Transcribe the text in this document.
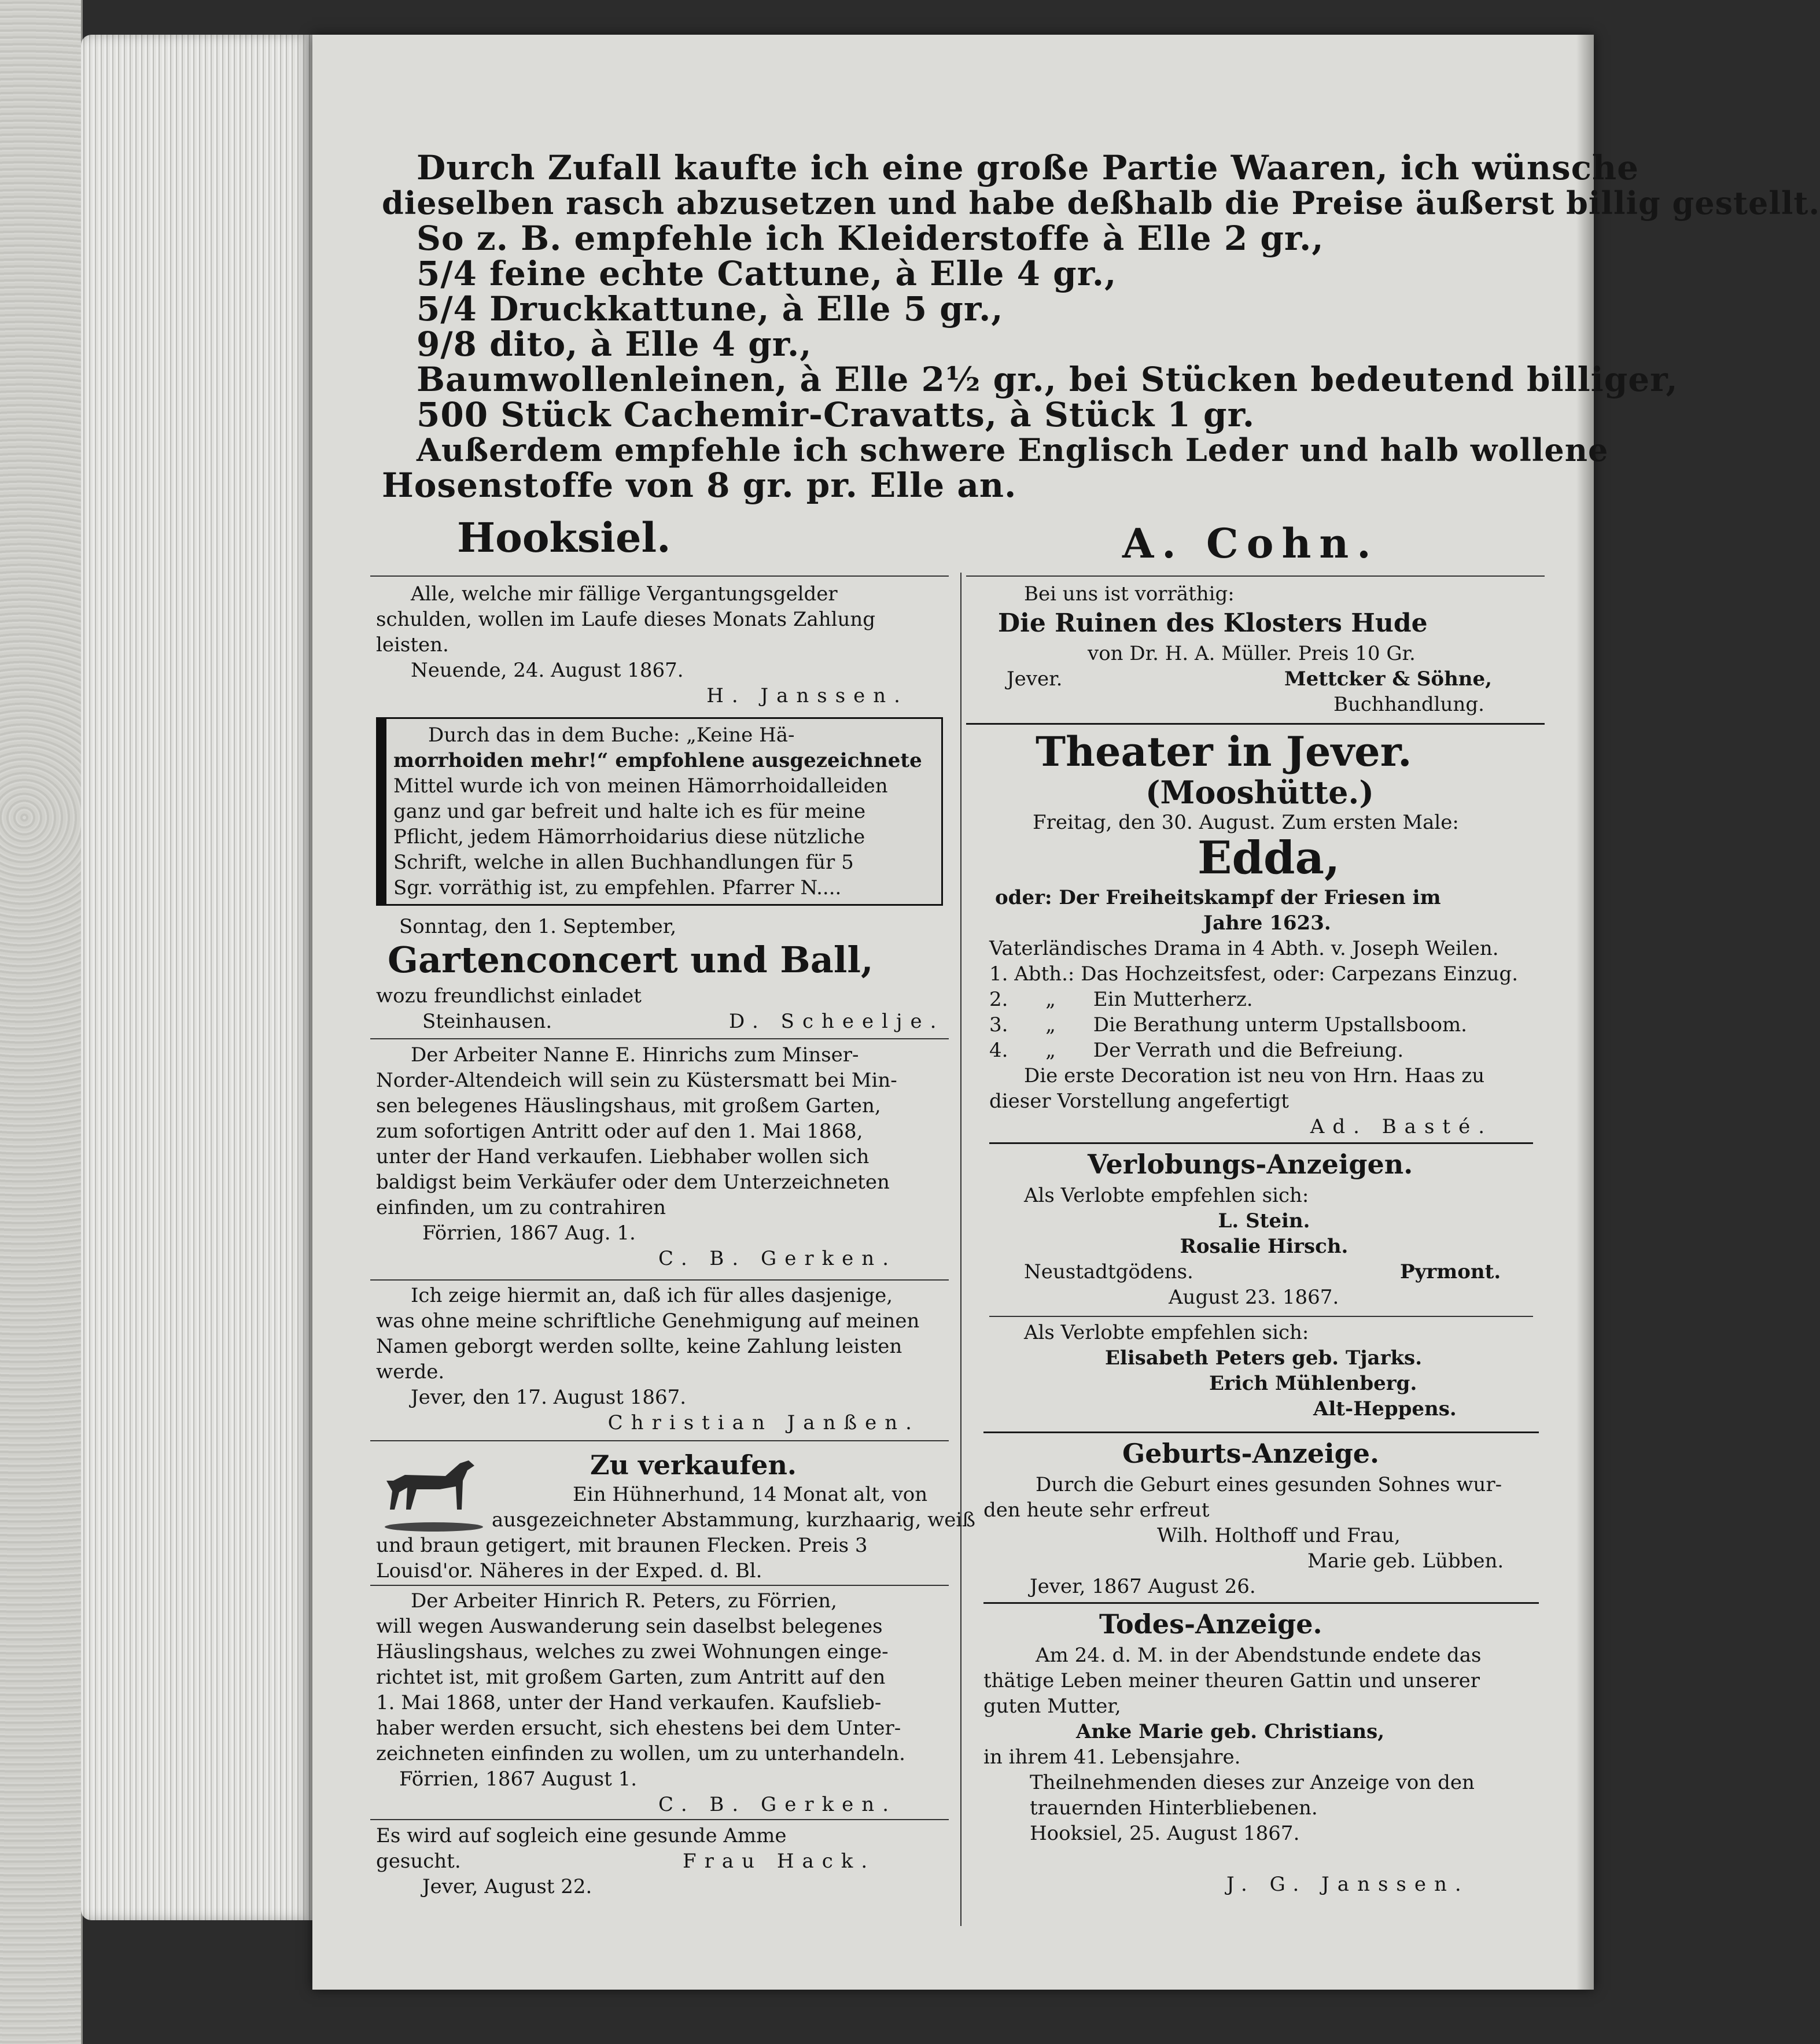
Durch Zufall kaufte ich eine große Partie Waaren, ich wünsche
dieselben rasch abzusetzen und habe deßhalb die Preise äußerst billig gestellt.
So z. B. empfehle ich Kleiderstoffe à Elle 2 gr.,
5/4 feine echte Cattune, à Elle 4 gr.,
5/4 Druckkattune, à Elle 5 gr.,
9/8 dito, à Elle 4 gr.,
Baumwollenleinen, à Elle 2½ gr., bei Stücken bedeutend billiger,
500 Stück Cachemir-Cravatts, à Stück 1 gr.
Außerdem empfehle ich schwere Englisch Leder und halb wollene
Hosenstoffe von 8 gr. pr. Elle an.
Hooksiel.	A. Cohn.
Alle, welche mir fällige Vergantungsgelder
schulden, wollen im Laufe dieses Monats Zahlung
leisten.
Neuende, 24. August 1867.
H. Janssen.
Durch das in dem Buche: „Keine Hä-
morrhoiden mehr!“ empfohlene ausgezeichnete
Mittel wurde ich von meinen Hämorrhoidalleiden
ganz und gar befreit und halte ich es für meine
Pflicht, jedem Hämorrhoidarius diese nützliche
Schrift, welche in allen Buchhandlungen für 5
Sgr. vorräthig ist, zu empfehlen. Pfarrer N....
Sonntag, den 1. September,
Gartenconcert und Ball,
wozu freundlichst einladet
Steinhausen.	D. Scheelje.
Der Arbeiter Nanne E. Hinrichs zum Minser-
Norder-Altendeich will sein zu Küstersmatt bei Min-
sen belegenes Häuslingshaus, mit großem Garten,
zum sofortigen Antritt oder auf den 1. Mai 1868,
unter der Hand verkaufen. Liebhaber wollen sich
baldigst beim Verkäufer oder dem Unterzeichneten
einfinden, um zu contrahiren
Förrien, 1867 Aug. 1.
C. B. Gerken.
Ich zeige hiermit an, daß ich für alles dasjenige,
was ohne meine schriftliche Genehmigung auf meinen
Namen geborgt werden sollte, keine Zahlung leisten
werde.
Jever, den 17. August 1867.
Christian Janßen.
Zu verkaufen.
Ein Hühnerhund, 14 Monat alt, von
ausgezeichneter Abstammung, kurzhaarig, weiß
und braun getigert, mit braunen Flecken. Preis 3
Louisd'or. Näheres in der Exped. d. Bl.
Der Arbeiter Hinrich R. Peters, zu Förrien,
will wegen Auswanderung sein daselbst belegenes
Häuslingshaus, welches zu zwei Wohnungen einge-
richtet ist, mit großem Garten, zum Antritt auf den
1. Mai 1868, unter der Hand verkaufen. Kaufslieb-
haber werden ersucht, sich ehestens bei dem Unter-
zeichneten einfinden zu wollen, um zu unterhandeln.
Förrien, 1867 August 1.
C. B. Gerken.
Es wird auf sogleich eine gesunde Amme
gesucht.
Jever, August 22.
Frau Hack.
Bei uns ist vorräthig:
Die Ruinen des Klosters Hude
von Dr. H. A. Müller. Preis 10 Gr.
Jever.	Mettcker & Söhne,
Buchhandlung.
Theater in Jever.
(Mooshütte.)
Freitag, den 30. August. Zum ersten Male:
Edda,
oder: Der Freiheitskampf der Friesen im
Jahre 1623.
Vaterländisches Drama in 4 Abth. v. Joseph Weilen.
1. Abth.: Das Hochzeitsfest, oder: Carpezans Einzug.
2.      „      Ein Mutterherz.
3.      „      Die Berathung unterm Upstallsboom.
4.      „      Der Verrath und die Befreiung.
Die erste Decoration ist neu von Hrn. Haas zu
dieser Vorstellung angefertigt
Ad. Basté.
Verlobungs-Anzeigen.
Als Verlobte empfehlen sich:
L. Stein.
Rosalie Hirsch.
Neustadtgödens.	Pyrmont.
August 23. 1867.
Als Verlobte empfehlen sich:
Elisabeth Peters geb. Tjarks.
Erich Mühlenberg.
Alt-Heppens.
Geburts-Anzeige.
Durch die Geburt eines gesunden Sohnes wur-
den heute sehr erfreut
Wilh. Holthoff und Frau,
Marie geb. Lübben.
Jever, 1867 August 26.
Todes-Anzeige.
Am 24. d. M. in der Abendstunde endete das
thätige Leben meiner theuren Gattin und unserer
guten Mutter,
Anke Marie geb. Christians,
in ihrem 41. Lebensjahre.
Theilnehmenden dieses zur Anzeige von den
trauernden Hinterbliebenen.
Hooksiel, 25. August 1867.
J. G. Janssen.
